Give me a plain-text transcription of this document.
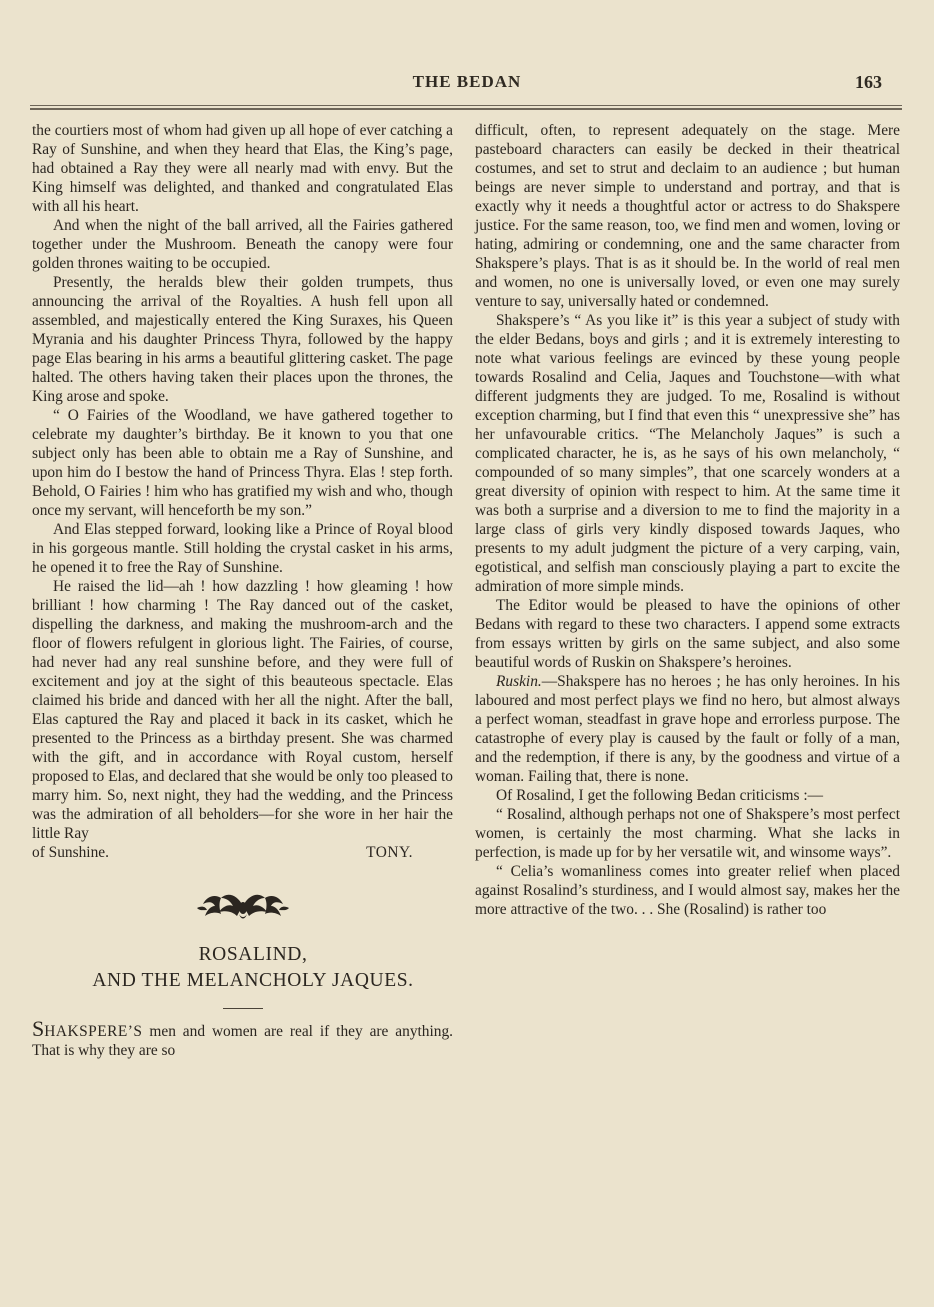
THE BEDAN	163

the courtiers most of whom had given up all hope of ever catching a Ray of Sunshine, and when they heard that Elas, the King’s page, had obtained a Ray they were all nearly mad with envy. But the King himself was delighted, and thanked and congratulated Elas with all his heart.

And when the night of the ball arrived, all the Fairies gathered together under the Mushroom. Beneath the canopy were four golden thrones waiting to be occupied.

Presently, the heralds blew their golden trumpets, thus announcing the arrival of the Royalties. A hush fell upon all assembled, and majestically entered the King Suraxes, his Queen Myrania and his daughter Princess Thyra, followed by the happy page Elas bearing in his arms a beautiful glittering casket. The page halted. The others having taken their places upon the thrones, the King arose and spoke.

“ O Fairies of the Woodland, we have gathered together to celebrate my daughter’s birthday. Be it known to you that one subject only has been able to obtain me a Ray of Sunshine, and upon him do I bestow the hand of Princess Thyra. Elas ! step forth. Behold, O Fairies ! him who has gratified my wish and who, though once my servant, will henceforth be my son.”

And Elas stepped forward, looking like a Prince of Royal blood in his gorgeous mantle. Still holding the crystal casket in his arms, he opened it to free the Ray of Sunshine.

He raised the lid—ah ! how dazzling ! how gleaming ! how brilliant ! how charming ! The Ray danced out of the casket, dispelling the darkness, and making the mushroom-arch and the floor of flowers refulgent in glorious light. The Fairies, of course, had never had any real sunshine before, and they were full of excitement and joy at the sight of this beauteous spectacle. Elas claimed his bride and danced with her all the night. After the ball, Elas captured the Ray and placed it back in its casket, which he presented to the Princess as a birthday present. She was charmed with the gift, and in accordance with Royal custom, herself proposed to Elas, and declared that she would be only too pleased to marry him. So, next night, they had the wedding, and the Princess was the admiration of all beholders—for she wore in her hair the little Ray

of Sunshine.	TONY.

ROSALIND,

AND THE MELANCHOLY JAQUES.

SHAKSPERE’S men and women are real if they are anything. That is why they are so

difficult, often, to represent adequately on the stage. Mere pasteboard characters can easily be decked in their theatrical costumes, and set to strut and declaim to an audience ; but human beings are never simple to understand and portray, and that is exactly why it needs a thoughtful actor or actress to do Shakspere justice. For the same reason, too, we find men and women, loving or hating, admiring or condemning, one and the same character from Shakspere’s plays. That is as it should be. In the world of real men and women, no one is universally loved, or even one may surely venture to say, universally hated or condemned.

Shakspere’s “ As you like it” is this year a subject of study with the elder Bedans, boys and girls ; and it is extremely interesting to note what various feelings are evinced by these young people towards Rosalind and Celia, Jaques and Touchstone—with what different judgments they are judged. To me, Rosalind is without exception charming, but I find that even this “ unexpressive she” has her unfavourable critics. “The Melancholy Jaques” is such a complicated character, he is, as he says of his own melancholy, “ compounded of so many simples”, that one scarcely wonders at a great diversity of opinion with respect to him. At the same time it was both a surprise and a diversion to me to find the majority in a large class of girls very kindly disposed towards Jaques, who presents to my adult judgment the picture of a very carping, vain, egotistical, and selfish man consciously playing a part to excite the admiration of more simple minds.

The Editor would be pleased to have the opinions of other Bedans with regard to these two characters. I append some extracts from essays written by girls on the same subject, and also some beautiful words of Ruskin on Shakspere’s heroines.

Ruskin.—Shakspere has no heroes ; he has only heroines. In his laboured and most perfect plays we find no hero, but almost always a perfect woman, steadfast in grave hope and errorless purpose. The catastrophe of every play is caused by the fault or folly of a man, and the redemption, if there is any, by the goodness and virtue of a woman. Failing that, there is none.

Of Rosalind, I get the following Bedan criticisms :—

“ Rosalind, although perhaps not one of Shakspere’s most perfect women, is certainly the most charming. What she lacks in perfection, is made up for by her versatile wit, and winsome ways”.

“ Celia’s womanliness comes into greater relief when placed against Rosalind’s sturdiness, and I would almost say, makes her the more attractive of the two. . . She (Rosalind) is rather too
